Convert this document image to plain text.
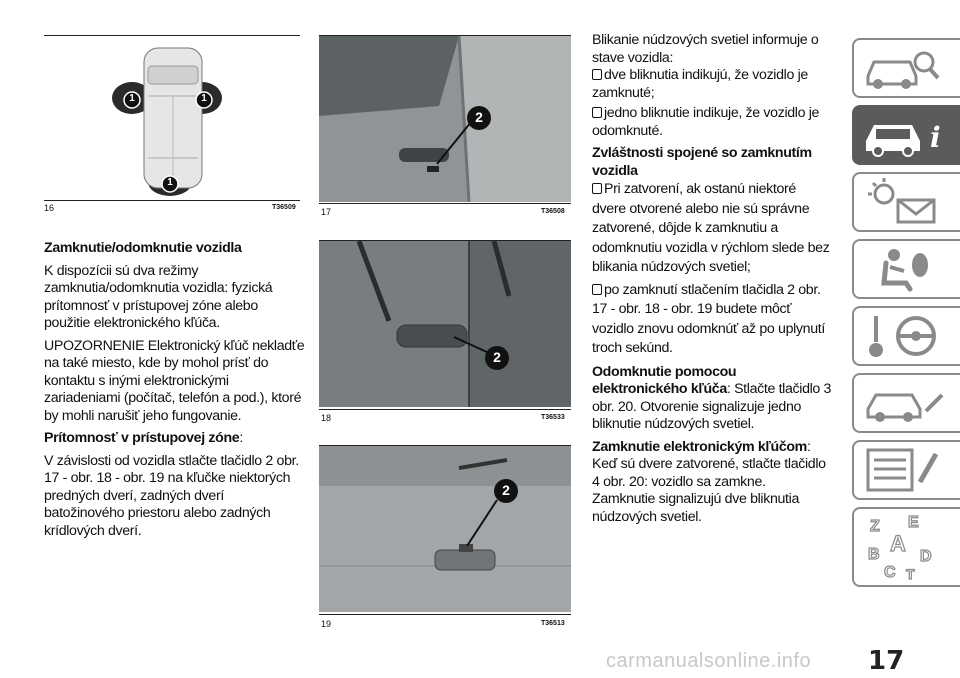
1	1
1
16	T36509

Zamknutie/odomknutie vozidla

K dispozícii sú dva režimy zamknutia/odomknutia vozidla: fyzická prítomnosť v prístupovej zóne alebo použitie elektronického kľúča.

UPOZORNENIE Elektronický kľúč nekladťe na také miesto, kde by mohol prísť do kontaktu s inými elektronickými zariadeniami (počítač, telefón a pod.), ktoré by mohli narušiť jeho fungovanie.

Prítomnosť v prístupovej zóne:

V závislosti od vozidla stlačte tlačidlo 2 obr. 17 - obr. 18 - obr. 19 na kľučke niektorých predných dverí, zadných dverí batožinového priestoru alebo zadných krídlových dverí.

2
17	T36508
2
18	T36533
2
19	T36513

Blikanie núdzových svetiel informuje o stave vozidla:

dve bliknutia indikujú, že vozidlo je zamknuté;

jedno bliknutie indikuje, že vozidlo je odomknuté.

Zvláštnosti spojené so zamknutím vozidla

Pri zatvorení, ak ostanú niektoré dvere otvorené alebo nie sú správne zatvorené, dôjde k zamknutiu a odomknutiu vozidla v rýchlom slede bez blikania núdzových svetiel;

po zamknutí stlačením tlačidla 2 obr. 17 - obr. 18 - obr. 19 budete môcť vozidlo znovu odomknúť až po uplynutí troch sekúnd.

Odomknutie pomocou elektronického kľúča: Stlačte tlačidlo 3 obr. 20. Otvorenie signalizuje jedno bliknutie núdzových svetiel.

Zamknutie elektronickým kľúčom: Keď sú dvere zatvorené, stlačte tlačidlo 4 obr. 20: vozidlo sa zamkne. Zamknutie signalizujú dve bliknutia núdzových svetiel.

i
Z E
A
B	D
C T
carmanualsonline.info 17
